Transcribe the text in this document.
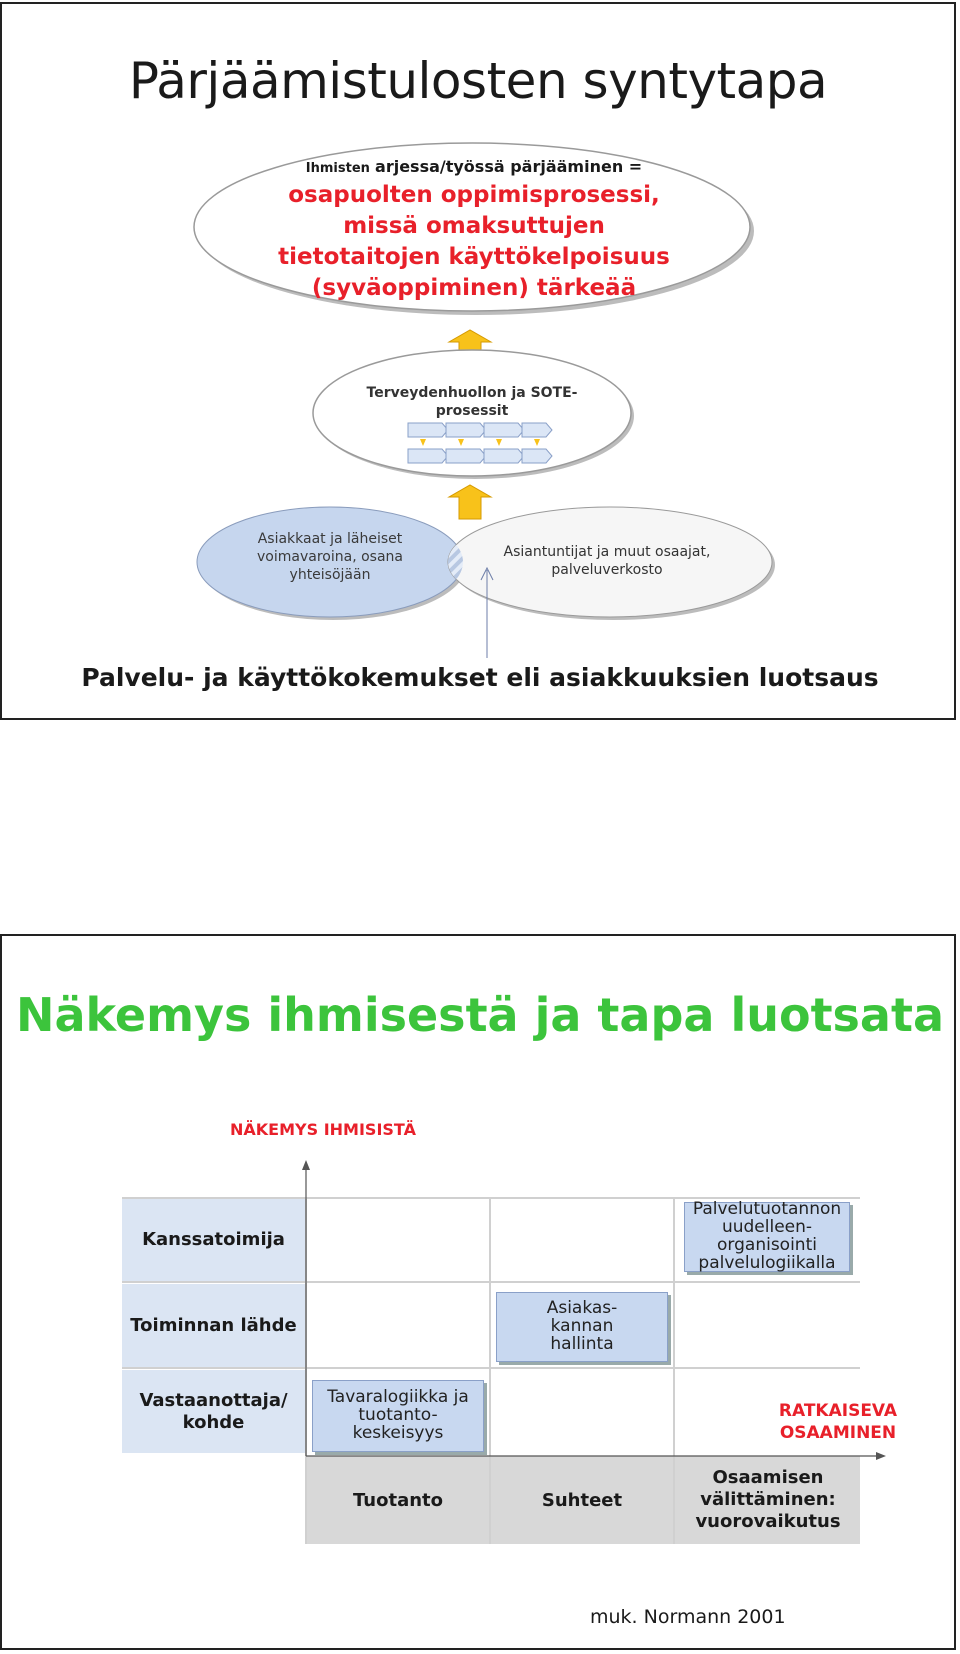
Pärjäämistulosten syntytapa
Ihmisten arjessa/työssä pärjääminen =
osapuolten oppimisprosessi,
missä omaksuttujen
tietotaitojen käyttökelpoisuus
(syväoppiminen) tärkeää
Terveydenhuollon ja SOTE-prosessit
Asiakkaat ja läheiset voimavaroina, osana yhteisöjään
Asiantuntijat ja muut osaajat, palveluverkosto
Palvelu- ja käyttökokemukset eli asiakkuuksien luotsaus
Näkemys ihmisestä ja tapa luotsata
NÄKEMYS IHMISISTÄ
Kanssatoimija
Toiminnan lähde
Vastaanottaja/ kohde
Tuotanto	Suhteet
Osaamisen välittäminen: vuorovaikutus
Palvelutuotannon uudelleen-organisointi palvelulogiikalla
Asiakas-kannan hallinta
Tavaralogiikka ja tuotanto-keskeisyys
RATKAISEVA OSAAMINEN
muk. Normann 2001
